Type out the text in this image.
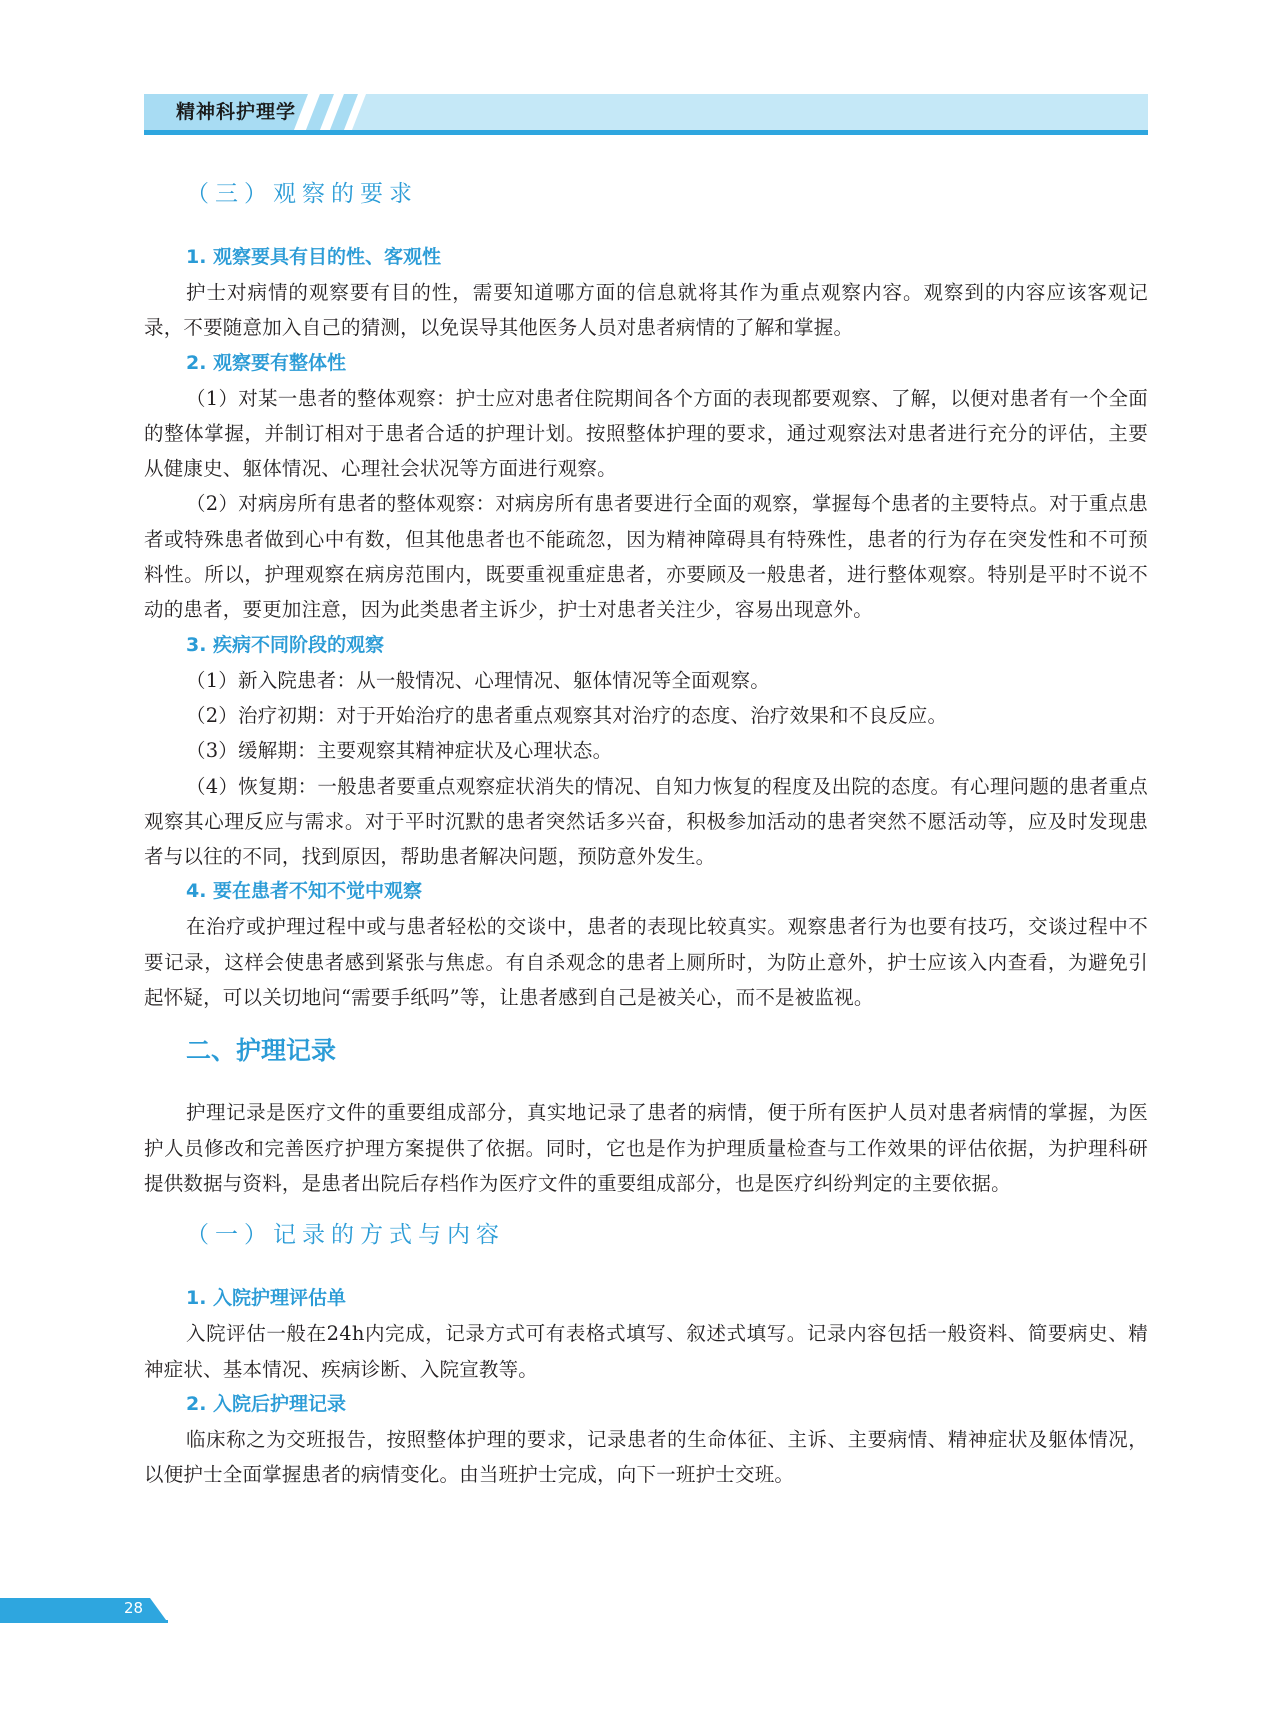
精神科护理学
（三）观察的要求
1. 观察要具有目的性、客观性

护士对病情的观察要有目的性，需要知道哪方面的信息就将其作为重点观察内容。观察到的内容应该客观记录，不要随意加入自己的猜测，以免误导其他医务人员对患者病情的了解和掌握。

2. 观察要有整体性

（1）对某一患者的整体观察：护士应对患者住院期间各个方面的表现都要观察、了解，以便对患者有一个全面的整体掌握，并制订相对于患者合适的护理计划。按照整体护理的要求，通过观察法对患者进行充分的评估，主要从健康史、躯体情况、心理社会状况等方面进行观察。

（2）对病房所有患者的整体观察：对病房所有患者要进行全面的观察，掌握每个患者的主要特点。对于重点患者或特殊患者做到心中有数，但其他患者也不能疏忽，因为精神障碍具有特殊性，患者的行为存在突发性和不可预料性。所以，护理观察在病房范围内，既要重视重症患者，亦要顾及一般患者，进行整体观察。特别是平时不说不动的患者，要更加注意，因为此类患者主诉少，护士对患者关注少，容易出现意外。

3. 疾病不同阶段的观察

（1）新入院患者：从一般情况、心理情况、躯体情况等全面观察。

（2）治疗初期：对于开始治疗的患者重点观察其对治疗的态度、治疗效果和不良反应。

（3）缓解期：主要观察其精神症状及心理状态。

（4）恢复期：一般患者要重点观察症状消失的情况、自知力恢复的程度及出院的态度。有心理问题的患者重点观察其心理反应与需求。对于平时沉默的患者突然话多兴奋，积极参加活动的患者突然不愿活动等，应及时发现患者与以往的不同，找到原因，帮助患者解决问题，预防意外发生。

4. 要在患者不知不觉中观察

在治疗或护理过程中或与患者轻松的交谈中，患者的表现比较真实。观察患者行为也要有技巧，交谈过程中不要记录，这样会使患者感到紧张与焦虑。有自杀观念的患者上厕所时，为防止意外，护士应该入内查看，为避免引起怀疑，可以关切地问“需要手纸吗”等，让患者感到自己是被关心，而不是被监视。

二、护理记录

护理记录是医疗文件的重要组成部分，真实地记录了患者的病情，便于所有医护人员对患者病情的掌握，为医护人员修改和完善医疗护理方案提供了依据。同时，它也是作为护理质量检查与工作效果的评估依据，为护理科研提供数据与资料，是患者出院后存档作为医疗文件的重要组成部分，也是医疗纠纷判定的主要依据。

（一）记录的方式与内容
1. 入院护理评估单

入院评估一般在24h内完成，记录方式可有表格式填写、叙述式填写。记录内容包括一般资料、简要病史、精神症状、基本情况、疾病诊断、入院宣教等。

2. 入院后护理记录

临床称之为交班报告，按照整体护理的要求，记录患者的生命体征、主诉、主要病情、精神症状及躯体情况，以便护士全面掌握患者的病情变化。由当班护士完成，向下一班护士交班。

28
